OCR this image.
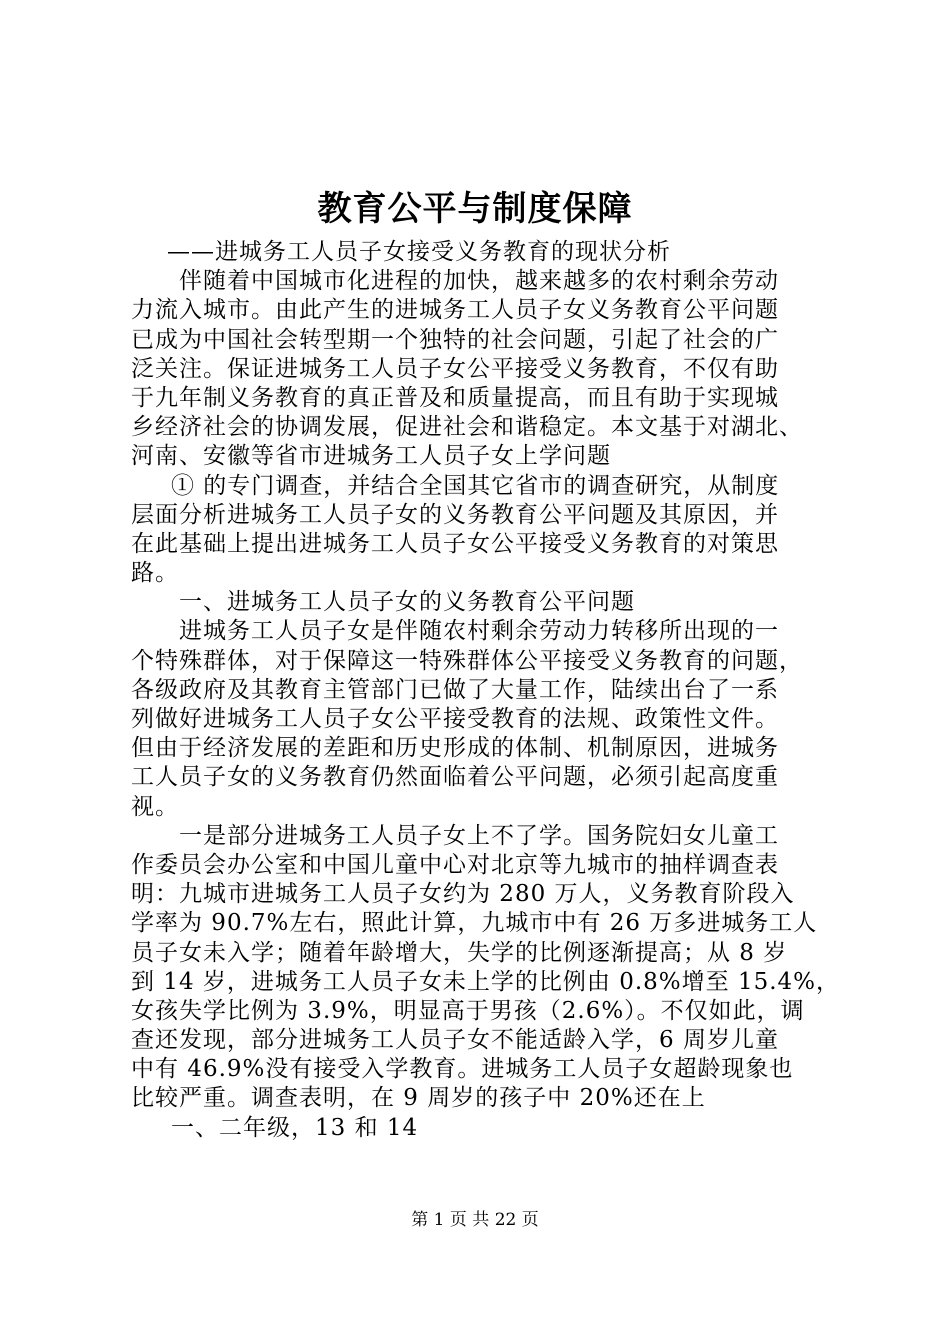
教育公平与制度保障
——进城务工人员子女接受义务教育的现状分析
伴随着中国城市化进程的加快，越来越多的农村剩余劳动
力流入城市。由此产生的进城务工人员子女义务教育公平问题
已成为中国社会转型期一个独特的社会问题，引起了社会的广
泛关注。保证进城务工人员子女公平接受义务教育，不仅有助
于九年制义务教育的真正普及和质量提高，而且有助于实现城
乡经济社会的协调发展，促进社会和谐稳定。本文基于对湖北、
河南、安徽等省市进城务工人员子女上学问题
① 的专门调查，并结合全国其它省市的调查研究，从制度
层面分析进城务工人员子女的义务教育公平问题及其原因，并
在此基础上提出进城务工人员子女公平接受义务教育的对策思
路。
一、进城务工人员子女的义务教育公平问题
进城务工人员子女是伴随农村剩余劳动力转移所出现的一
个特殊群体，对于保障这一特殊群体公平接受义务教育的问题，
各级政府及其教育主管部门已做了大量工作，陆续出台了一系
列做好进城务工人员子女公平接受教育的法规、政策性文件。
但由于经济发展的差距和历史形成的体制、机制原因，进城务
工人员子女的义务教育仍然面临着公平问题，必须引起高度重
视。
一是部分进城务工人员子女上不了学。国务院妇女儿童工
作委员会办公室和中国儿童中心对北京等九城市的抽样调查表
明：九城市进城务工人员子女约为 280 万人，义务教育阶段入
学率为 90.7%左右，照此计算，九城市中有 26 万多进城务工人
员子女未入学；随着年龄增大，失学的比例逐渐提高；从 8 岁
到 14 岁，进城务工人员子女未上学的比例由 0.8%增至 15.4%，
女孩失学比例为 3.9%，明显高于男孩（2.6%）。不仅如此，调
查还发现，部分进城务工人员子女不能适龄入学，6 周岁儿童
中有 46.9%没有接受入学教育。进城务工人员子女超龄现象也
比较严重。调查表明，在 9 周岁的孩子中 20%还在上
一、二年级，13 和 14
第 1 页 共 22 页
